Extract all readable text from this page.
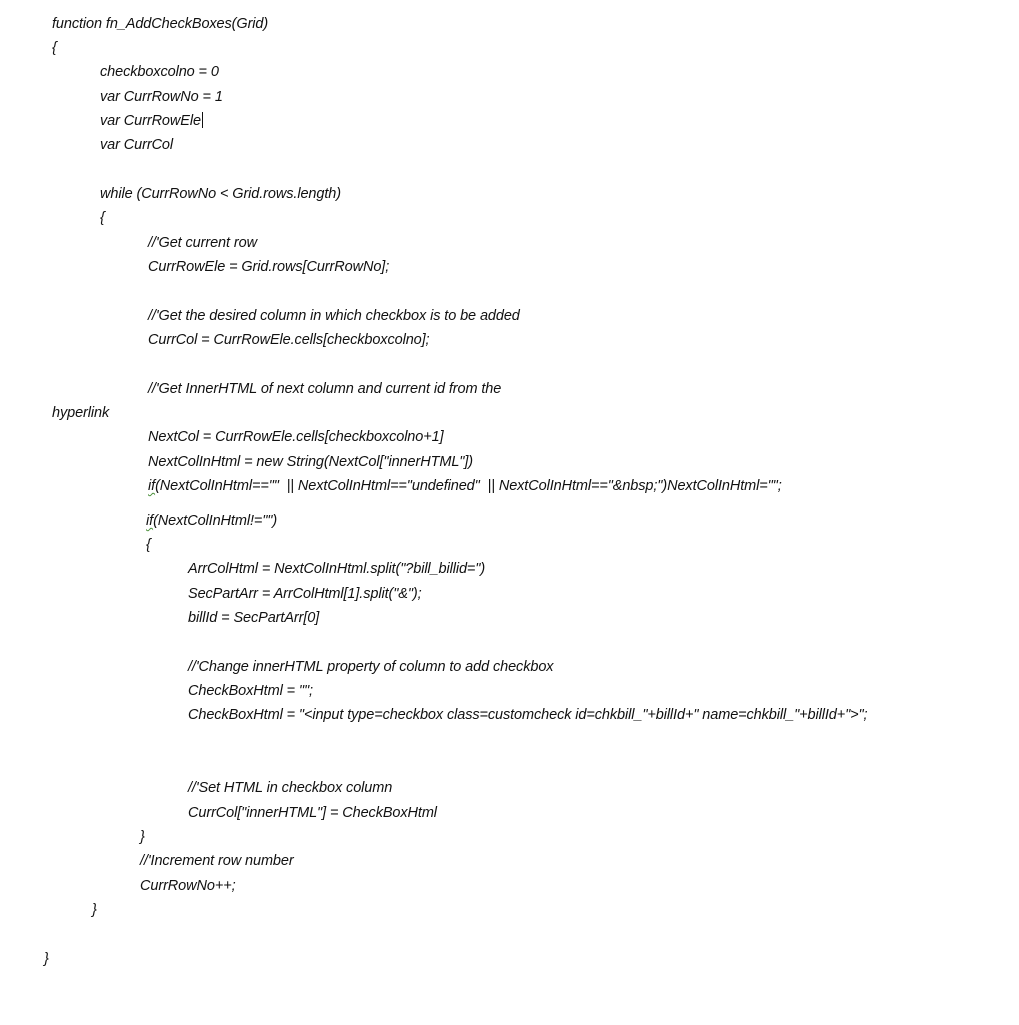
function fn_AddCheckBoxes(Grid)
{
checkboxcolno = 0
var CurrRowNo = 1
var CurrRowEle
var CurrCol
while (CurrRowNo < Grid.rows.length)
{
//'Get current row
CurrRowEle = Grid.rows[CurrRowNo];
//'Get the desired column in which checkbox is to be added
CurrCol = CurrRowEle.cells[checkboxcolno];
//'Get InnerHTML of next column and current id from the
hyperlink
NextCol = CurrRowEle.cells[checkboxcolno+1]
NextColInHtml = new String(NextCol["innerHTML"])
if(NextColInHtml==""  || NextColInHtml=="undefined"  || NextColInHtml=="&nbsp;")NextColInHtml="";
if(NextColInHtml!="")
{
ArrColHtml = NextColInHtml.split("?bill_billid=")
SecPartArr = ArrColHtml[1].split("&");
billId = SecPartArr[0]
//'Change innerHTML property of column to add checkbox
CheckBoxHtml = "";
CheckBoxHtml = "<input type=checkbox class=customcheck id=chkbill_"+billId+" name=chkbill_"+billId+">";
//'Set HTML in checkbox column
CurrCol["innerHTML"] = CheckBoxHtml
}
//'Increment row number
CurrRowNo++;
}
}
